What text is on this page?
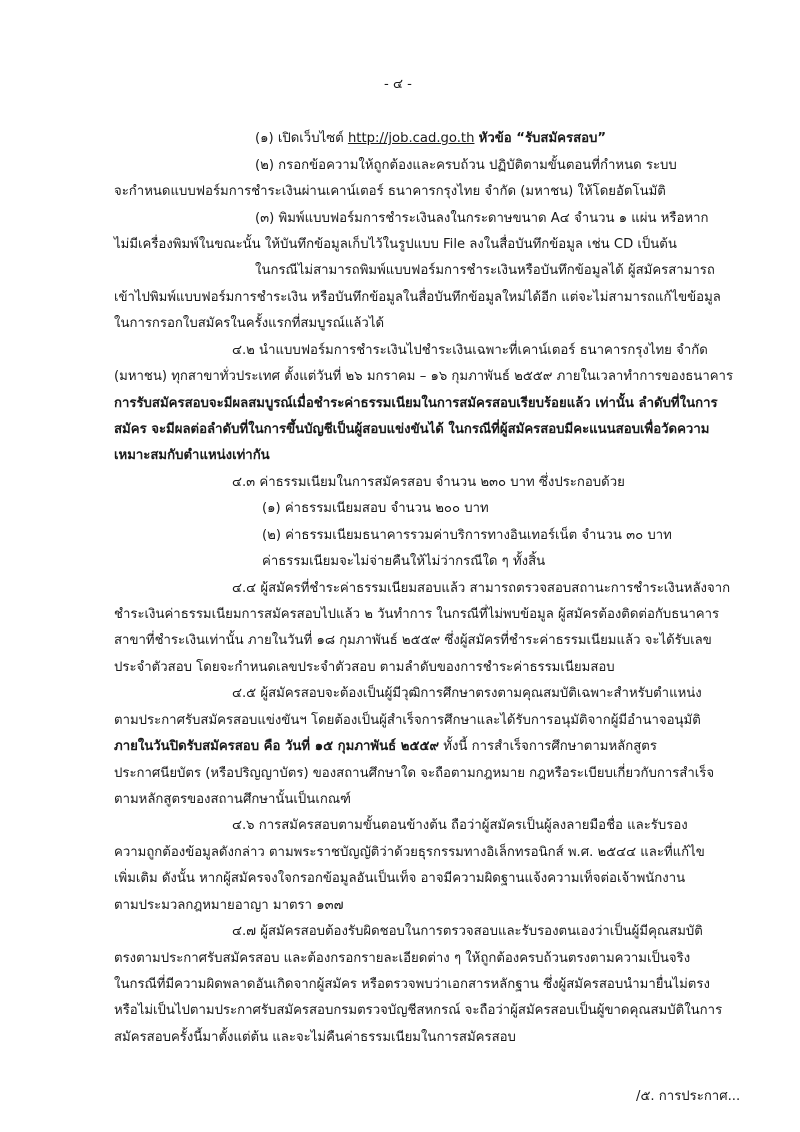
- ๔ -
(๑) เปิดเว็บไซต์ http://job.cad.go.th หัวข้อ “รับสมัครสอบ”
(๒) กรอกข้อความให้ถูกต้องและครบถ้วน ปฏิบัติตามขั้นตอนที่กำหนด ระบบ
จะกำหนดแบบฟอร์มการชำระเงินผ่านเคาน์เตอร์ ธนาคารกรุงไทย จำกัด (มหาชน) ให้โดยอัตโนมัติ
(๓) พิมพ์แบบฟอร์มการชำระเงินลงในกระดาษขนาด A๔ จำนวน ๑ แผ่น หรือหาก
ไม่มีเครื่องพิมพ์ในขณะนั้น ให้บันทึกข้อมูลเก็บไว้ในรูปแบบ File ลงในสื่อบันทึกข้อมูล เช่น CD เป็นต้น
ในกรณีไม่สามารถพิมพ์แบบฟอร์มการชำระเงินหรือบันทึกข้อมูลได้ ผู้สมัครสามารถ
เข้าไปพิมพ์แบบฟอร์มการชำระเงิน หรือบันทึกข้อมูลในสื่อบันทึกข้อมูลใหม่ได้อีก แต่จะไม่สามารถแก้ไขข้อมูล
ในการกรอกใบสมัครในครั้งแรกที่สมบูรณ์แล้วได้
๔.๒ นำแบบฟอร์มการชำระเงินไปชำระเงินเฉพาะที่เคาน์เตอร์ ธนาคารกรุงไทย จำกัด
(มหาชน) ทุกสาขาทั่วประเทศ ตั้งแต่วันที่ ๒๖ มกราคม – ๑๖ กุมภาพันธ์ ๒๕๕๙ ภายในเวลาทำการของธนาคาร
การรับสมัครสอบจะมีผลสมบูรณ์เมื่อชำระค่าธรรมเนียมในการสมัครสอบเรียบร้อยแล้ว เท่านั้น ลำดับที่ในการ
สมัคร จะมีผลต่อลำดับที่ในการขึ้นบัญชีเป็นผู้สอบแข่งขันได้ ในกรณีที่ผู้สมัครสอบมีคะแนนสอบเพื่อวัดความ
เหมาะสมกับตำแหน่งเท่ากัน
๔.๓ ค่าธรรมเนียมในการสมัครสอบ จำนวน ๒๓๐ บาท ซึ่งประกอบด้วย
(๑) ค่าธรรมเนียมสอบ จำนวน ๒๐๐ บาท
(๒) ค่าธรรมเนียมธนาคารรวมค่าบริการทางอินเทอร์เน็ต จำนวน ๓๐ บาท
ค่าธรรมเนียมจะไม่จ่ายคืนให้ไม่ว่ากรณีใด ๆ ทั้งสิ้น
๔.๔ ผู้สมัครที่ชำระค่าธรรมเนียมสอบแล้ว สามารถตรวจสอบสถานะการชำระเงินหลังจาก
ชำระเงินค่าธรรมเนียมการสมัครสอบไปแล้ว ๒ วันทำการ ในกรณีที่ไม่พบข้อมูล ผู้สมัครต้องติดต่อกับธนาคาร
สาขาที่ชำระเงินเท่านั้น ภายในวันที่ ๑๘ กุมภาพันธ์ ๒๕๕๙ ซึ่งผู้สมัครที่ชำระค่าธรรมเนียมแล้ว จะได้รับเลข
ประจำตัวสอบ โดยจะกำหนดเลขประจำตัวสอบ ตามลำดับของการชำระค่าธรรมเนียมสอบ
๔.๕ ผู้สมัครสอบจะต้องเป็นผู้มีวุฒิการศึกษาตรงตามคุณสมบัติเฉพาะสำหรับตำแหน่ง
ตามประกาศรับสมัครสอบแข่งขันฯ โดยต้องเป็นผู้สำเร็จการศึกษาและได้รับการอนุมัติจากผู้มีอำนาจอนุมัติ
ภายในวันปิดรับสมัครสอบ คือ วันที่ ๑๕ กุมภาพันธ์ ๒๕๕๙ ทั้งนี้ การสำเร็จการศึกษาตามหลักสูตร
ประกาศนียบัตร (หรือปริญญาบัตร) ของสถานศึกษาใด จะถือตามกฎหมาย กฎหรือระเบียบเกี่ยวกับการสำเร็จ
ตามหลักสูตรของสถานศึกษานั้นเป็นเกณฑ์
๔.๖ การสมัครสอบตามขั้นตอนข้างต้น ถือว่าผู้สมัครเป็นผู้ลงลายมือชื่อ และรับรอง
ความถูกต้องข้อมูลดังกล่าว ตามพระราชบัญญัติว่าด้วยธุรกรรมทางอิเล็กทรอนิกส์ พ.ศ. ๒๕๔๔ และที่แก้ไข
เพิ่มเติม ดังนั้น หากผู้สมัครจงใจกรอกข้อมูลอันเป็นเท็จ อาจมีความผิดฐานแจ้งความเท็จต่อเจ้าพนักงาน
ตามประมวลกฎหมายอาญา มาตรา ๑๓๗
๔.๗ ผู้สมัครสอบต้องรับผิดชอบในการตรวจสอบและรับรองตนเองว่าเป็นผู้มีคุณสมบัติ
ตรงตามประกาศรับสมัครสอบ และต้องกรอกรายละเอียดต่าง ๆ ให้ถูกต้องครบถ้วนตรงตามความเป็นจริง
ในกรณีที่มีความผิดพลาดอันเกิดจากผู้สมัคร หรือตรวจพบว่าเอกสารหลักฐาน ซึ่งผู้สมัครสอบนำมายื่นไม่ตรง
หรือไม่เป็นไปตามประกาศรับสมัครสอบกรมตรวจบัญชีสหกรณ์ จะถือว่าผู้สมัครสอบเป็นผู้ขาดคุณสมบัติในการ
สมัครสอบครั้งนี้มาตั้งแต่ต้น และจะไม่คืนค่าธรรมเนียมในการสมัครสอบ
/๕. การประกาศ...
